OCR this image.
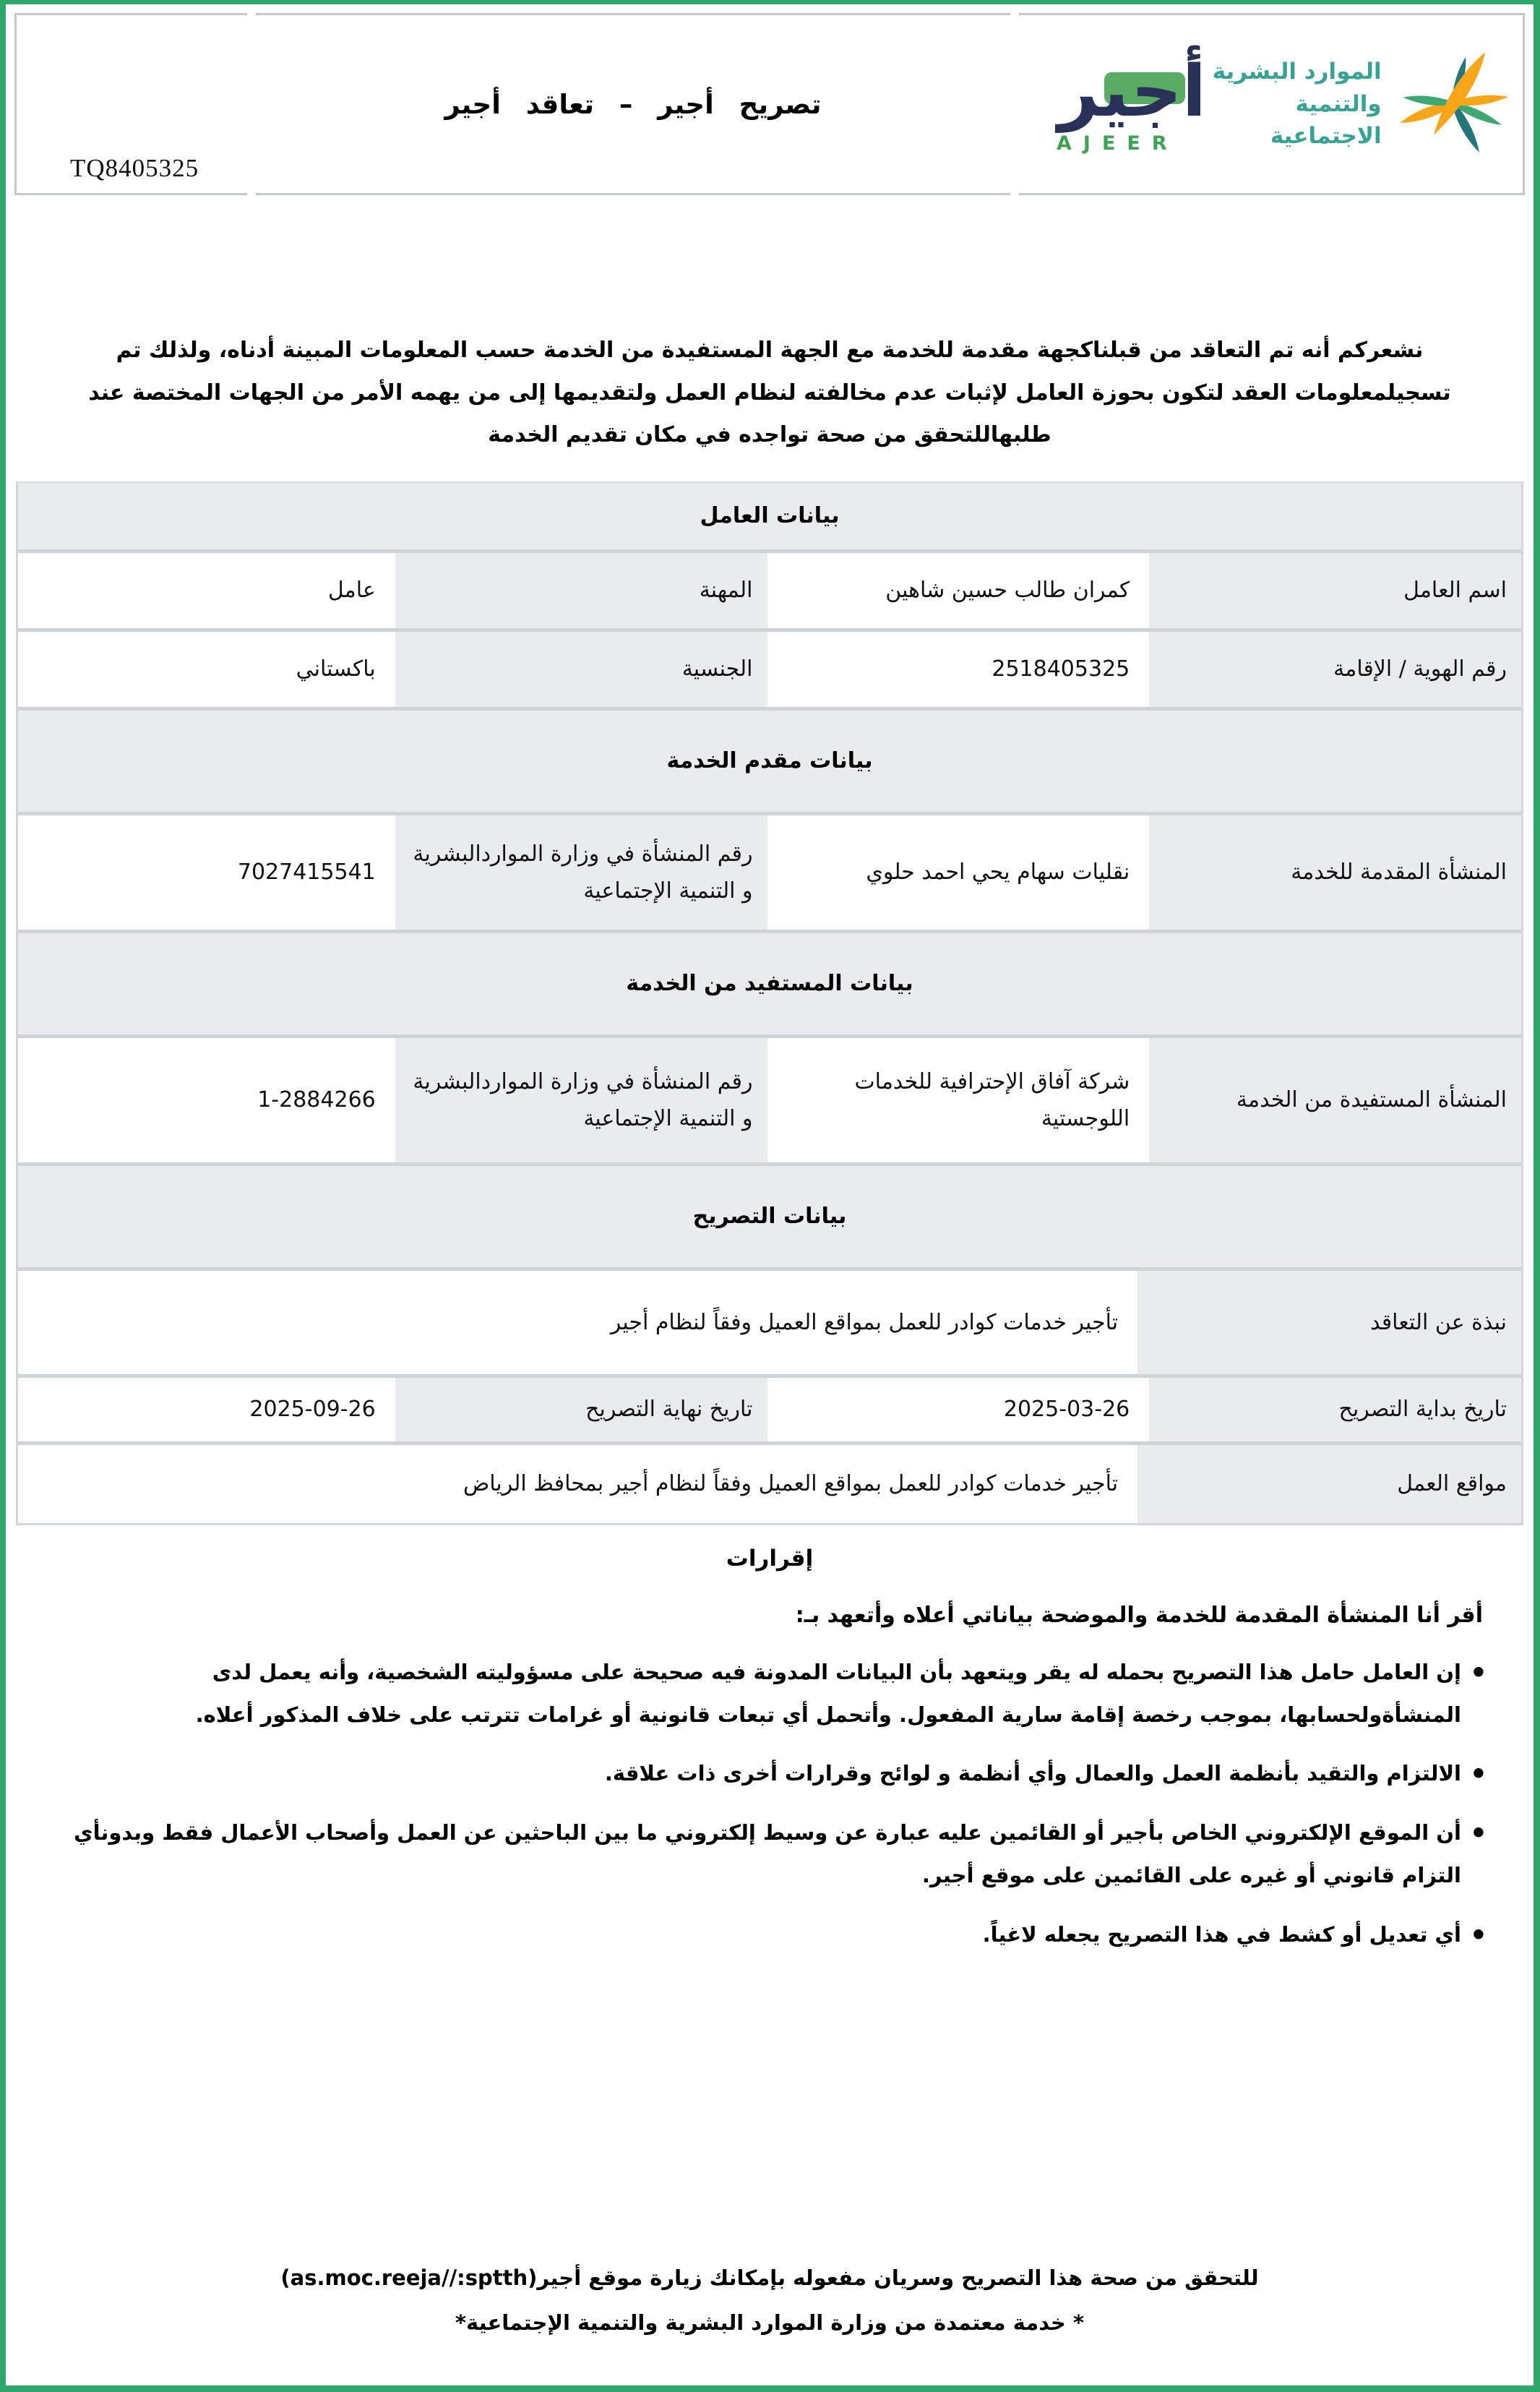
TQ8405325
تصريح أجير – تعاقد أجير	أجير
AJEER
الموارد البشرية
والتنمية الاجتماعية

نشعركم أنه تم التعاقد من قبلناكجهة مقدمة للخدمة مع الجهة المستفيدة من الخدمة حسب المعلومات المبينة أدناه، ولذلك تم تسجيلمعلومات العقد لتكون بحوزة العامل لإثبات عدم مخالفته لنظام العمل ولتقديمها إلى من يهمه الأمر من الجهات المختصة عند طلبهاللتحقق من صحة تواجده في مكان تقديم الخدمة

بيانات العامل
اسم العامل
كمران طالب حسين شاهين
المهنة
عامل
رقم الهوية / الإقامة
2518405325
الجنسية
باكستاني
بيانات مقدم الخدمة
المنشأة المقدمة للخدمة
نقليات سهام يحي احمد حلوي
رقم المنشأة في وزارة المواردالبشرية و التنمية الإجتماعية
7027415541
بيانات المستفيد من الخدمة
المنشأة المستفيدة من الخدمة
شركة آفاق الإحترافية للخدمات اللوجستية
رقم المنشأة في وزارة المواردالبشرية و التنمية الإجتماعية
1-2884266
بيانات التصريح
نبذة عن التعاقد
تأجير خدمات كوادر للعمل بمواقع العميل وفقاً لنظام أجير
تاريخ بداية التصريح
2025-03-26
تاريخ نهاية التصريح
2025-09-26
مواقع العمل
تأجير خدمات كوادر للعمل بمواقع العميل وفقاً لنظام أجير بمحافظ الرياض
إقرارات
أقر أنا المنشأة المقدمة للخدمة والموضحة بياناتي أعلاه وأتعهد بـ:
• إن العامل حامل هذا التصريح بحمله له يقر ويتعهد بأن البيانات المدونة فيه صحيحة على مسؤوليته الشخصية، وأنه يعمل لدى المنشأةولحسابها، بموجب رخصة إقامة سارية المفعول. وأتحمل أي تبعات قانونية أو غرامات تترتب على خلاف المذكور أعلاه.
• الالتزام والتقيد بأنظمة العمل والعمال وأي أنظمة و لوائح وقرارات أخرى ذات علاقة.
• أن الموقع الإلكتروني الخاص بأجير أو القائمين عليه عبارة عن وسيط إلكتروني ما بين الباحثين عن العمل وأصحاب الأعمال فقط وبدونأي التزام قانوني أو غيره على القائمين على موقع أجير.
• أي تعديل أو كشط في هذا التصريح يجعله لاغياً.
للتحقق من صحة هذا التصريح وسريان مفعوله بإمكانك زيارة موقع أجير(as.moc.reeja//:sptth)
* خدمة معتمدة من وزارة الموارد البشرية والتنمية الإجتماعية*
